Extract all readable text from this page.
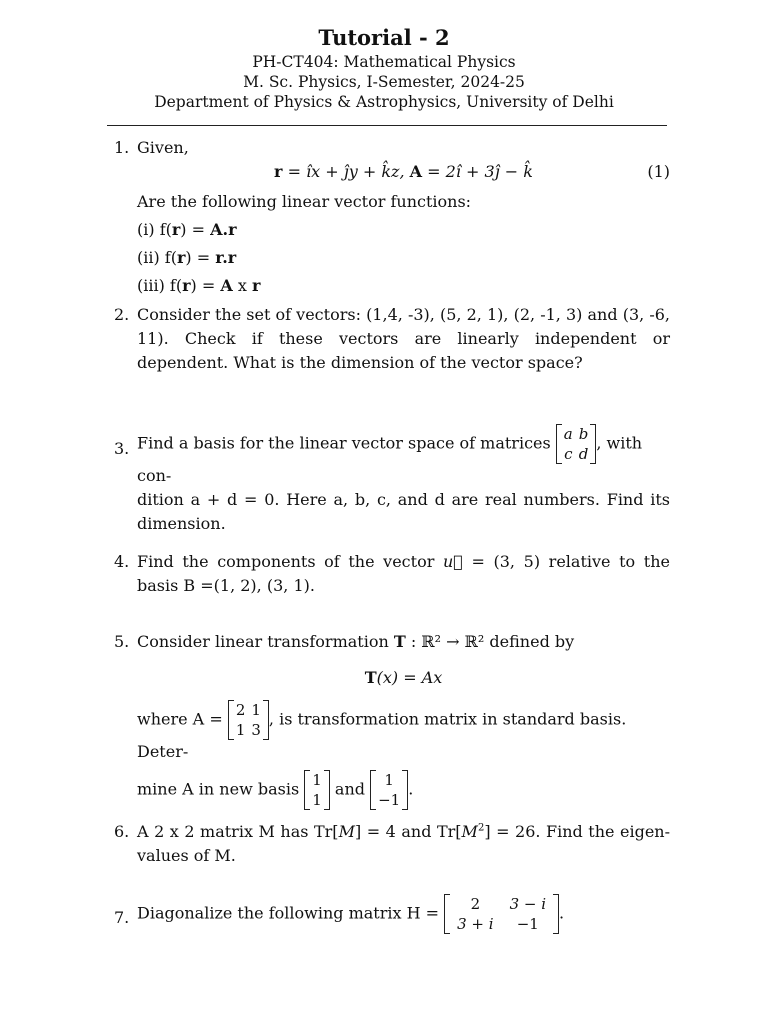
Tutorial - 2
PH-CT404: Mathematical Physics
M. Sc. Physics, I-Semester, 2024-25
Department of Physics & Astrophysics, University of Delhi
1. Given,
r = îx + ĵy + k̂z, A = 2î + 3ĵ − k̂	(1)
Are the following linear vector functions:
(i) f(r) = A.r
(ii) f(r) = r.r
(iii) f(r) = A x r
2. Consider the set of vectors: (1,4, -3), (5, 2, 1), (2, -1, 3) and (3, -6, 11). Check if these vectors are linearly independent or dependent. What is the dimension of the vector space?
3. Find a basis for the linear vector space of matrices a	b
c	d
, with con-
dition a + d = 0. Here a, b, c, and d are real numbers. Find its dimension.
4. Find the components of the vector u⃗ = (3, 5) relative to the basis B =(1, 2), (3, 1).
5. Consider linear transformation T : ℝ² → ℝ² defined by
T(x) = Ax
where A = 2	1
1	3
, is transformation matrix in standard basis. Deter-
mine A in new basis 1
1
and 1
−1
.
6. A 2 x 2 matrix M has Tr[M] = 4 and $Tr[M^2] = 26$. Find the eigen-values of M.
7. Diagonalize the following matrix H = 2	3 − i
3 + i	−1
.
